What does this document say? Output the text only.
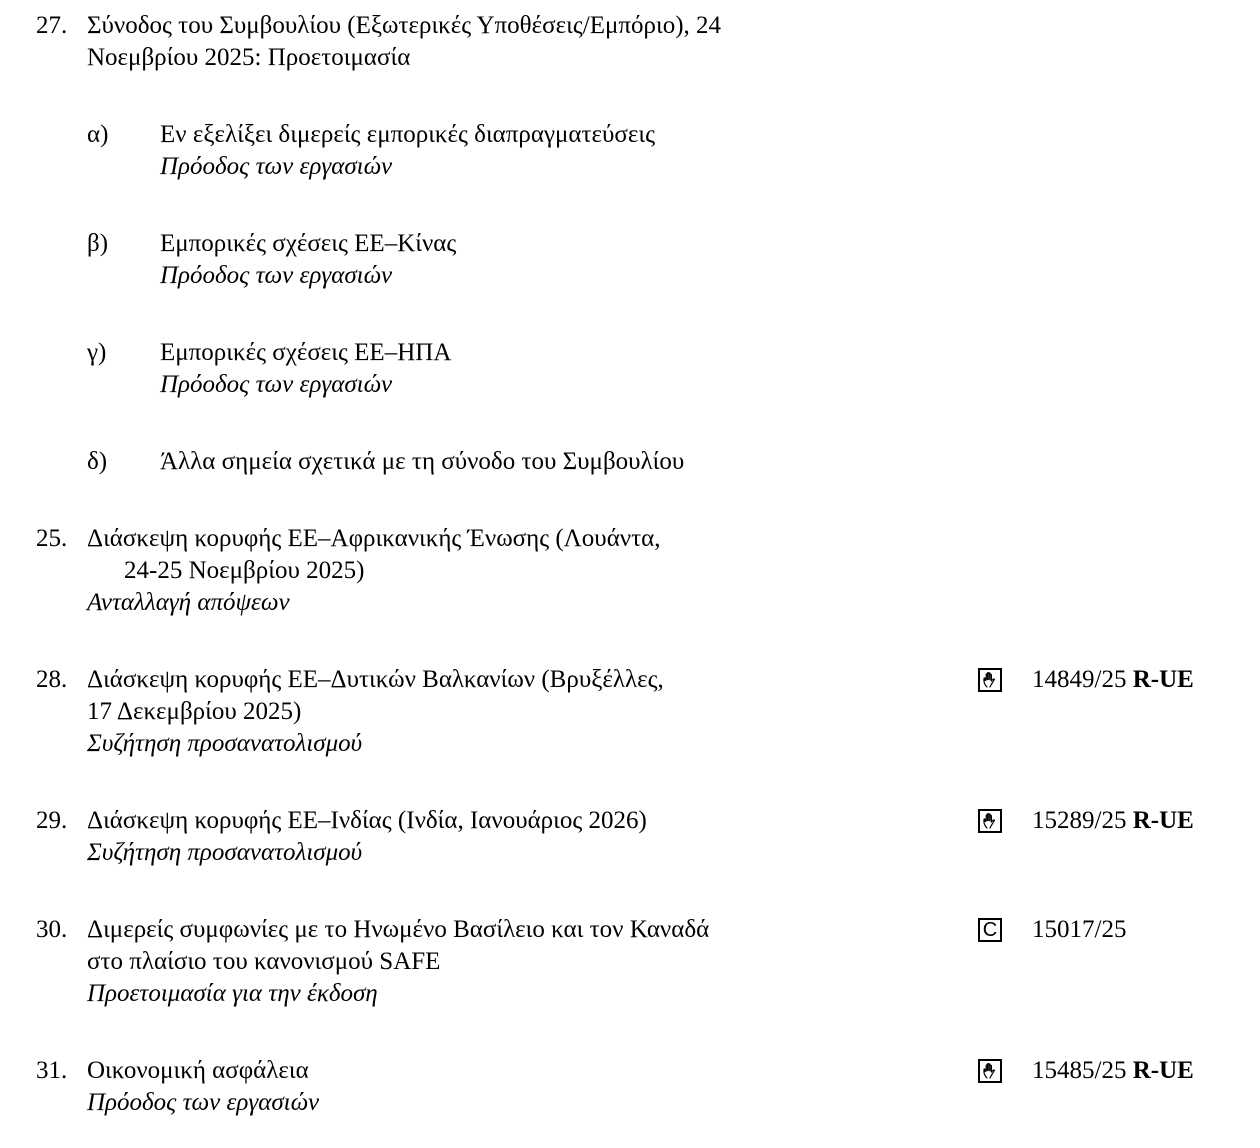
27. Σύνοδος του Συμβουλίου (Εξωτερικές Υποθέσεις/Εμπόριο), 24
Νοεμβρίου 2025: Προετοιμασία
α) Εν εξελίξει διμερείς εμπορικές διαπραγματεύσεις
Πρόοδος των εργασιών
β) Εμπορικές σχέσεις ΕΕ–Κίνας
Πρόοδος των εργασιών
γ) Εμπορικές σχέσεις ΕΕ–ΗΠΑ
Πρόοδος των εργασιών
δ) Άλλα σημεία σχετικά με τη σύνοδο του Συμβουλίου
25. Διάσκεψη κορυφής ΕΕ–Αφρικανικής Ένωσης (Λουάντα,
24-25 Νοεμβρίου 2025)
Ανταλλαγή απόψεων
28. Διάσκεψη κορυφής ΕΕ–Δυτικών Βαλκανίων (Βρυξέλλες,
17 Δεκεμβρίου 2025)
Συζήτηση προσανατολισμού
14849/25 R-UE
29. Διάσκεψη κορυφής ΕΕ–Ινδίας (Ινδία, Ιανουάριος 2026)
Συζήτηση προσανατολισμού
15289/25 R-UE
30. Διμερείς συμφωνίες με το Ηνωμένο Βασίλειο και τον Καναδά
στο πλαίσιο του κανονισμού SAFE
Προετοιμασία για την έκδοση
C 15017/25
31. Οικονομική ασφάλεια
Πρόοδος των εργασιών
15485/25 R-UE
